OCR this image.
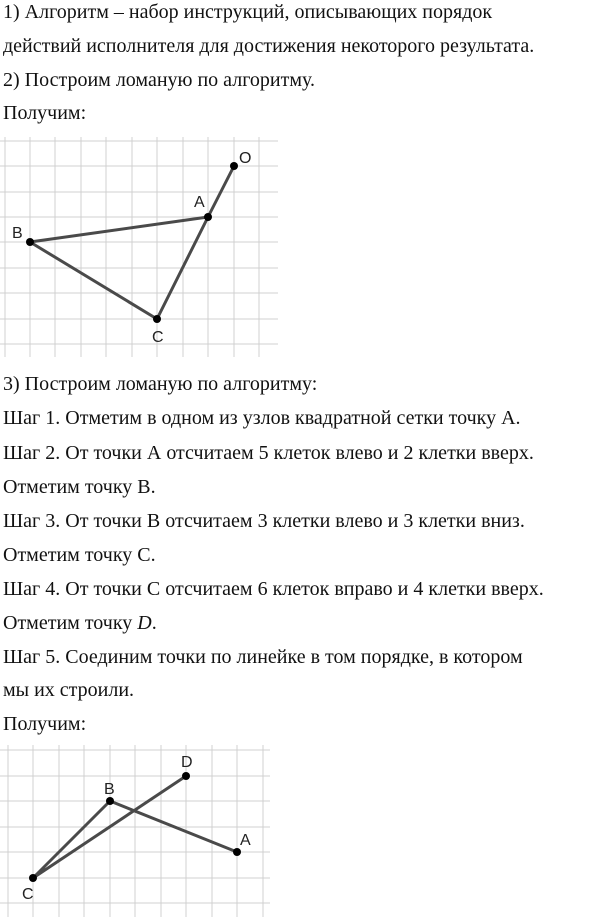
1) Алгоритм – набор инструкций, описывающих порядок
действий исполнителя для достижения некоторого результата.
2) Построим ломаную по алгоритму.
Получим:
O
A
B
C
3) Построим ломаную по алгоритму:
Шаг 1. Отметим в одном из узлов квадратной сетки точку А.
Шаг 2. От точки А отсчитаем 5 клеток влево и 2 клетки вверх.
Отметим точку В.
Шаг 3. От точки В отсчитаем 3 клетки влево и 3 клетки вниз.
Отметим точку С.
Шаг 4. От точки С отсчитаем 6 клеток вправо и 4 клетки вверх.
Отметим точку D.
Шаг 5. Соединим точки по линейке в том порядке, в котором
мы их строили.
Получим:
A
B
C
D
